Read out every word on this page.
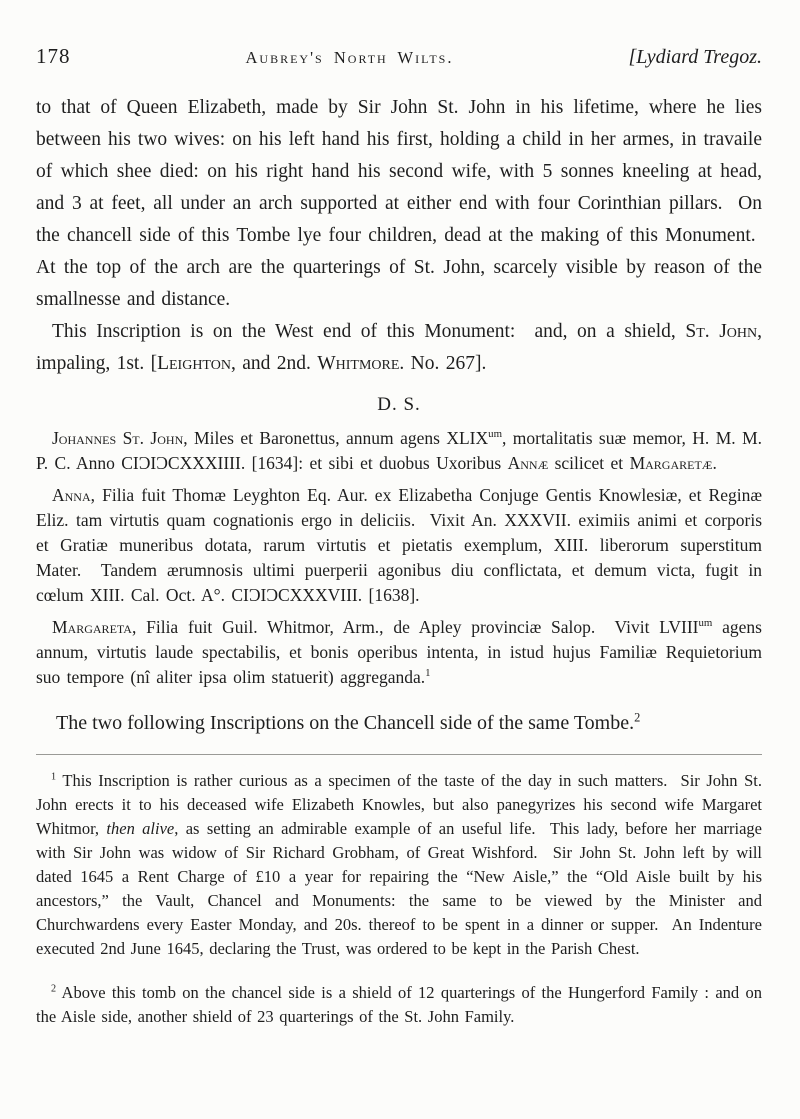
178	Aubrey's North Wilts.	[Lydiard Tregoz.

to that of Queen Elizabeth, made by Sir John St. John in his lifetime, where he lies between his two wives: on his left hand his first, holding a child in her armes, in travaile of which shee died: on his right hand his second wife, with 5 sonnes kneeling at head, and 3 at feet, all under an arch supported at either end with four Corinthian pillars.  On the chancell side of this Tombe lye four children, dead at the making of this Monument.  At the top of the arch are the quarterings of St. John, scarcely visible by reason of the smallnesse and distance.

This Inscription is on the West end of this Monument:  and, on a shield, St. John, impaling, 1st. [Leighton, and 2nd. Whitmore. No. 267].

D. S.

Johannes St. John, Miles et Baronettus, annum agens $XLIX^{um}$, mortalitatis suæ memor, H. M. M. P. C. Anno CIƆIƆCXXXIIII. [1634]: et sibi et duobus Uxoribus Annæ scilicet et Margaretæ.

Anna, Filia fuit Thomæ Leyghton Eq. Aur. ex Elizabetha Conjuge Gentis Knowlesiæ, et Reginæ Eliz. tam virtutis quam cognationis ergo in deliciis.  Vixit An. XXXVII. eximiis animi et corporis et Gratiæ muneribus dotata, rarum virtutis et pietatis exemplum, XIII. liberorum superstitum Mater.  Tandem ærumnosis ultimi puerperii agonibus diu conflictata, et demum victa, fugit in cœlum XIII. Cal. Oct. A°. CIƆIƆCXXXVIII. [1638].

Margareta, Filia fuit Guil. Whitmor, Arm., de Apley provinciæ Salop.  Vivit $LVIII^{um}$ agens annum, virtutis laude spectabilis, et bonis operibus intenta, in istud hujus Familiæ Requietorium suo tempore (nî aliter ipsa olim statuerit) aggreganda.$^1$

The two following Inscriptions on the Chancell side of the same Tombe.$^2$

$^1$ This Inscription is rather curious as a specimen of the taste of the day in such matters.  Sir John St. John erects it to his deceased wife Elizabeth Knowles, but also panegyrizes his second wife Margaret Whitmor, then alive, as setting an admirable example of an useful life.  This lady, before her marriage with Sir John was widow of Sir Richard Grobham, of Great Wishford.  Sir John St. John left by will dated 1645 a Rent Charge of £10 a year for repairing the “New Aisle,” the “Old Aisle built by his ancestors,” the Vault, Chancel and Monuments: the same to be viewed by the Minister and Churchwardens every Easter Monday, and 20s. thereof to be spent in a dinner or supper.  An Indenture executed 2nd June 1645, declaring the Trust, was ordered to be kept in the Parish Chest.

$^2$ Above this tomb on the chancel side is a shield of 12 quarterings of the Hungerford Family : and on the Aisle side, another shield of 23 quarterings of the St. John Family.
